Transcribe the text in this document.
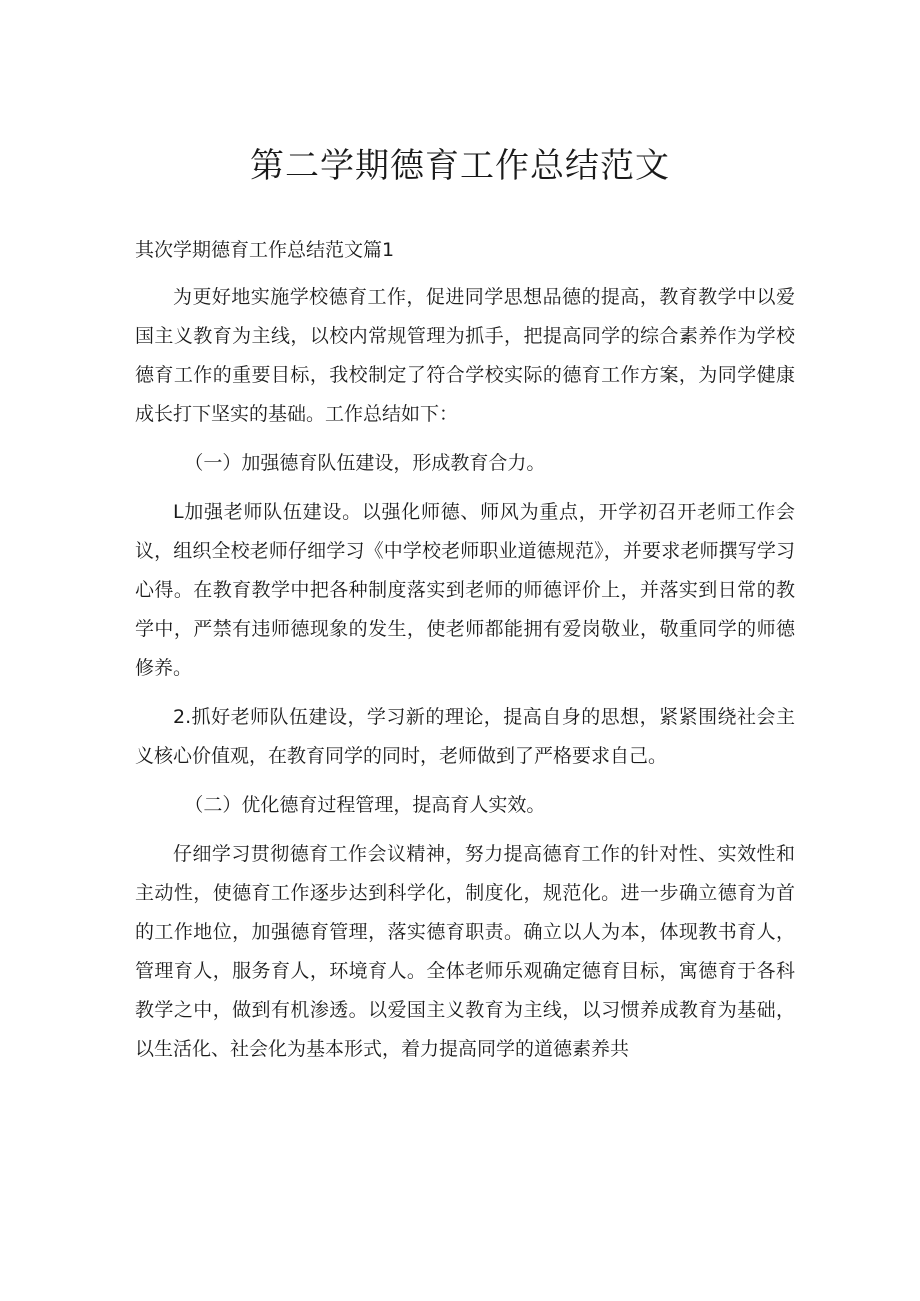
第二学期德育工作总结范文

其次学期德育工作总结范文篇1

为更好地实施学校德育工作，促进同学思想品德的提高，教育教学中以爱国主义教育为主线，以校内常规管理为抓手，把提高同学的综合素养作为学校德育工作的重要目标，我校制定了符合学校实际的德育工作方案，为同学健康成长打下坚实的基础。工作总结如下：

（一）加强德育队伍建设，形成教育合力。

L加强老师队伍建设。以强化师德、师风为重点，开学初召开老师工作会议，组织全校老师仔细学习《中学校老师职业道德规范》，并要求老师撰写学习心得。在教育教学中把各种制度落实到老师的师德评价上，并落实到日常的教学中，严禁有违师德现象的发生，使老师都能拥有爱岗敬业，敬重同学的师德修养。

2.抓好老师队伍建设，学习新的理论，提高自身的思想，紧紧围绕社会主义核心价值观，在教育同学的同时，老师做到了严格要求自己。

（二）优化德育过程管理，提高育人实效。

仔细学习贯彻德育工作会议精神，努力提高德育工作的针对性、实效性和主动性，使德育工作逐步达到科学化，制度化，规范化。进一步确立德育为首的工作地位，加强德育管理，落实德育职责。确立以人为本，体现教书育人，管理育人，服务育人，环境育人。全体老师乐观确定德育目标，寓德育于各科教学之中，做到有机渗透。以爱国主义教育为主线，以习惯养成教育为基础，以生活化、社会化为基本形式，着力提高同学的道德素养共
